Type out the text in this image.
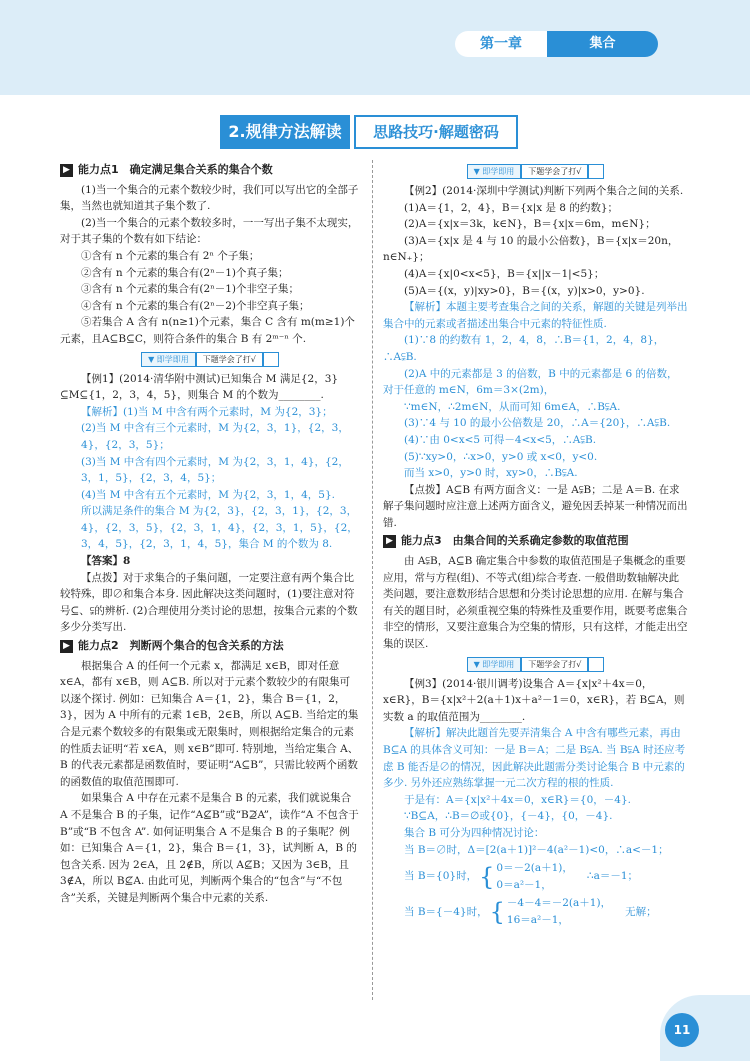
第一章	集合
2.规律方法解读	思路技巧·解题密码
▶ 能力点1　确定满足集合关系的集合个数

(1)当一个集合的元素个数较少时，我们可以写出它的全部子集，当然也就知道其子集个数了.

(2)当一个集合的元素个数较多时，一一写出子集不太现实，对于其子集的个数有如下结论：

①含有 n 个元素的集合有 2ⁿ 个子集；

②含有 n 个元素的集合有(2ⁿ－1)个真子集；

③含有 n 个元素的集合有(2ⁿ－1)个非空子集；

④含有 n 个元素的集合有(2ⁿ－2)个非空真子集；

⑤若集合 A 含有 n(n≥1)个元素，集合 C 含有 m(m≥1)个元素，且A⊆B⊆C，则符合条件的集合 B 有 2ᵐ⁻ⁿ 个.

▼ 即学即用	下题学会了打√

【例1】(2014·清华附中测试)已知集合 M 满足{2，3}⊆M⊆{1，2，3，4，5}，则集合 M 的个数为________.

【解析】(1)当 M 中含有两个元素时，M 为{2，3}；

(2)当 M 中含有三个元素时，M 为{2，3，1}，{2，3，4}，{2，3，5}；

(3)当 M 中含有四个元素时，M 为{2，3，1，4}，{2，3，1，5}，{2，3，4，5}；

(4)当 M 中含有五个元素时，M 为{2，3，1，4，5}.

所以满足条件的集合 M 为{2，3}，{2，3，1}，{2，3，4}，{2，3，5}，{2，3，1，4}，{2，3，1，5}，{2，3，4，5}，{2，3，1，4，5}，集合 M 的个数为 8.

【答案】8

【点拨】对于求集合的子集问题，一定要注意有两个集合比较特殊，即∅和集合本身. 因此解决这类问题时，(1)要注意对符号⊆、⫋的辨析. (2)合理使用分类讨论的思想，按集合元素的个数多少分类写出.

▶ 能力点2　判断两个集合的包含关系的方法

根据集合 A 的任何一个元素 x，都满足 x∈B，即对任意 x∈A，都有 x∈B，则 A⊆B. 所以对于元素个数较少的有限集可以逐个探讨. 例如：已知集合 A＝{1，2}，集合 B＝{1，2，3}，因为 A 中所有的元素 1∈B，2∈B，所以 A⊆B. 当给定的集合是元素个数较多的有限集或无限集时，则根据给定集合的元素的性质去证明“若 x∈A，则 x∈B”即可. 特别地，当给定集合 A、B 的代表元素都是函数值时，要证明“A⊆B”，只需比较两个函数的函数值的取值范围即可.

如果集合 A 中存在元素不是集合 B 的元素，我们就说集合 A 不是集合 B 的子集，记作“A⊈B”或“B⊉A”，读作“A 不包含于 B”或“B 不包含 A”. 如何证明集合 A 不是集合 B 的子集呢？例如：已知集合 A＝{1，2}，集合 B＝{1，3}，试判断 A，B 的包含关系. 因为 2∈A，且 2∉B，所以 A⊈B；又因为 3∈B，且 3∉A，所以 B⊈A. 由此可见，判断两个集合的“包含”与“不包含”关系，关键是判断两个集合中元素的关系.

▼ 即学即用	下题学会了打√

【例2】(2014·深圳中学测试)判断下列两个集合之间的关系.

(1)A＝{1，2，4}，B＝{x|x 是 8 的约数}；

(2)A＝{x|x＝3k，k∈N}，B＝{x|x＝6m，m∈N}；

(3)A＝{x|x 是 4 与 10 的最小公倍数}，B＝{x|x＝20n，n∈N₊}；

(4)A＝{x|0<x<5}，B＝{x||x－1|<5}；

(5)A＝{(x，y)|xy>0}，B＝{(x，y)|x>0，y>0}.

【解析】本题主要考查集合之间的关系，解题的关键是列举出集合中的元素或者描述出集合中元素的特征性质.

(1)∵8 的约数有 1，2，4，8，∴B＝{1，2，4，8}，∴A⫋B.

(2)A 中的元素都是 3 的倍数，B 中的元素都是 6 的倍数，对于任意的 m∈N，6m＝3×(2m)，

∵m∈N，∴2m∈N，从而可知 6m∈A，∴B⫋A.

(3)∵4 与 10 的最小公倍数是 20，∴A＝{20}，∴A⫋B.

(4)∵由 0<x<5 可得－4<x<5，∴A⫋B.

(5)∵xy>0，∴x>0，y>0 或 x<0，y<0.

而当 x>0，y>0 时，xy>0，∴B⫋A.

【点拨】A⊆B 有两方面含义：一是 A⫋B；二是 A＝B. 在求解子集问题时应注意上述两方面含义，避免因丢掉某一种情况而出错.

▶ 能力点3　由集合间的关系确定参数的取值范围

由 A⫋B，A⊆B 确定集合中参数的取值范围是子集概念的重要应用，常与方程(组)、不等式(组)综合考查. 一般借助数轴解决此类问题，要注意数形结合思想和分类讨论思想的应用. 在解与集合有关的题目时，必须重视空集的特殊性及重要作用，既要考虑集合非空的情形，又要注意集合为空集的情形，只有这样，才能走出空集的误区.

▼ 即学即用	下题学会了打√

【例3】(2014·银川调考)设集合 A＝{x|x²＋4x＝0，x∈R}，B＝{x|x²＋2(a＋1)x＋a²－1＝0，x∈R}，若 B⊆A，则实数 a 的取值范围为________.

【解析】解决此题首先要弄清集合 A 中含有哪些元素，再由 B⊆A 的具体含义可知：一是 B＝A；二是 B⫋A. 当 B⫋A 时还应考虑 B 能否是∅的情况，因此解决此题需分类讨论集合 B 中元素的多少. 另外还应熟练掌握一元二次方程的根的性质.

于是有：A＝{x|x²＋4x＝0，x∈R}＝{0，－4}.

∵B⊆A，∴B＝∅或{0}，{－4}，{0，－4}.

集合 B 可分为四种情况讨论：

当 B＝∅时，Δ＝[2(a＋1)]²－4(a²－1)<0，∴a<－1；

当 B＝{0}时， { 0＝－2(a＋1)，
0＝a²－1，
∴a＝－1；
当 B＝{－4}时， { －4－4＝－2(a＋1)，
16＝a²－1，
无解；
11
